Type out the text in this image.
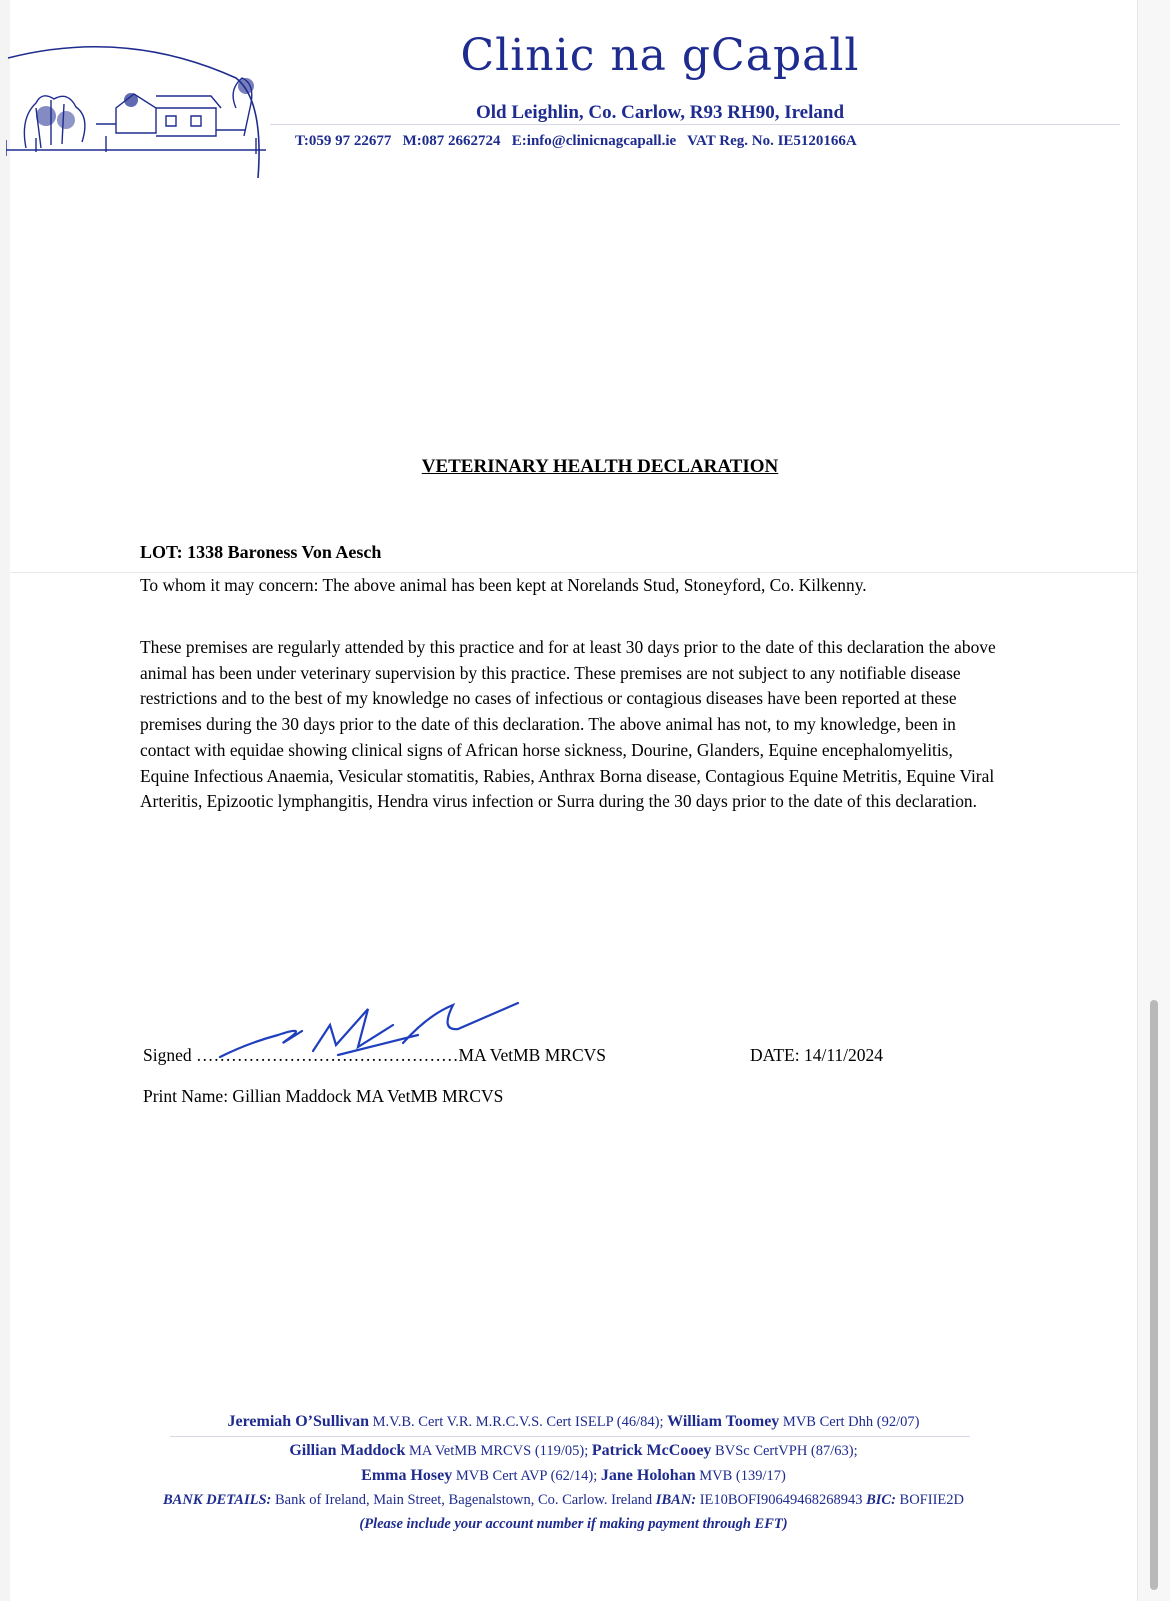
Clinic na gCapall
Old Leighlin, Co. Carlow, R93 RH90, Ireland
T:059 97 22677   M:087 2662724   E:info@clinicnagcapall.ie   VAT Reg. No. IE5120166A
VETERINARY HEALTH DECLARATION
LOT: 1338 Baroness Von Aesch
To whom it may concern: The above animal has been kept at Norelands Stud, Stoneyford, Co. Kilkenny.
These premises are regularly attended by this practice and for at least 30 days prior to the date of this declaration the above animal has been under veterinary supervision by this practice. These premises are not subject to any notifiable disease restrictions and to the best of my knowledge no cases of infectious or contagious diseases have been reported at these premises during the 30 days prior to the date of this declaration. The above animal has not, to my knowledge, been in contact with equidae showing clinical signs of African horse sickness, Dourine, Glanders, Equine encephalomyelitis, Equine Infectious Anaemia, Vesicular stomatitis, Rabies, Anthrax Borna disease, Contagious Equine Metritis, Equine Viral Arteritis, Epizootic lymphangitis, Hendra virus infection or Surra during the 30 days prior to the date of this declaration.
Signed ………………………………………MA VetMB MRCVS	DATE: 14/11/2024
Print Name: Gillian Maddock MA VetMB MRCVS
Jeremiah O’Sullivan M.V.B. Cert V.R. M.R.C.V.S. Cert ISELP (46/84); William Toomey MVB Cert Dhh (92/07)
Gillian Maddock MA VetMB MRCVS (119/05); Patrick McCooey BVSc CertVPH (87/63);
Emma Hosey MVB Cert AVP (62/14); Jane Holohan MVB (139/17)
BANK DETAILS: Bank of Ireland, Main Street, Bagenalstown, Co. Carlow. Ireland IBAN: IE10BOFI90649468268943 BIC: BOFIIE2D
(Please include your account number if making payment through EFT)
